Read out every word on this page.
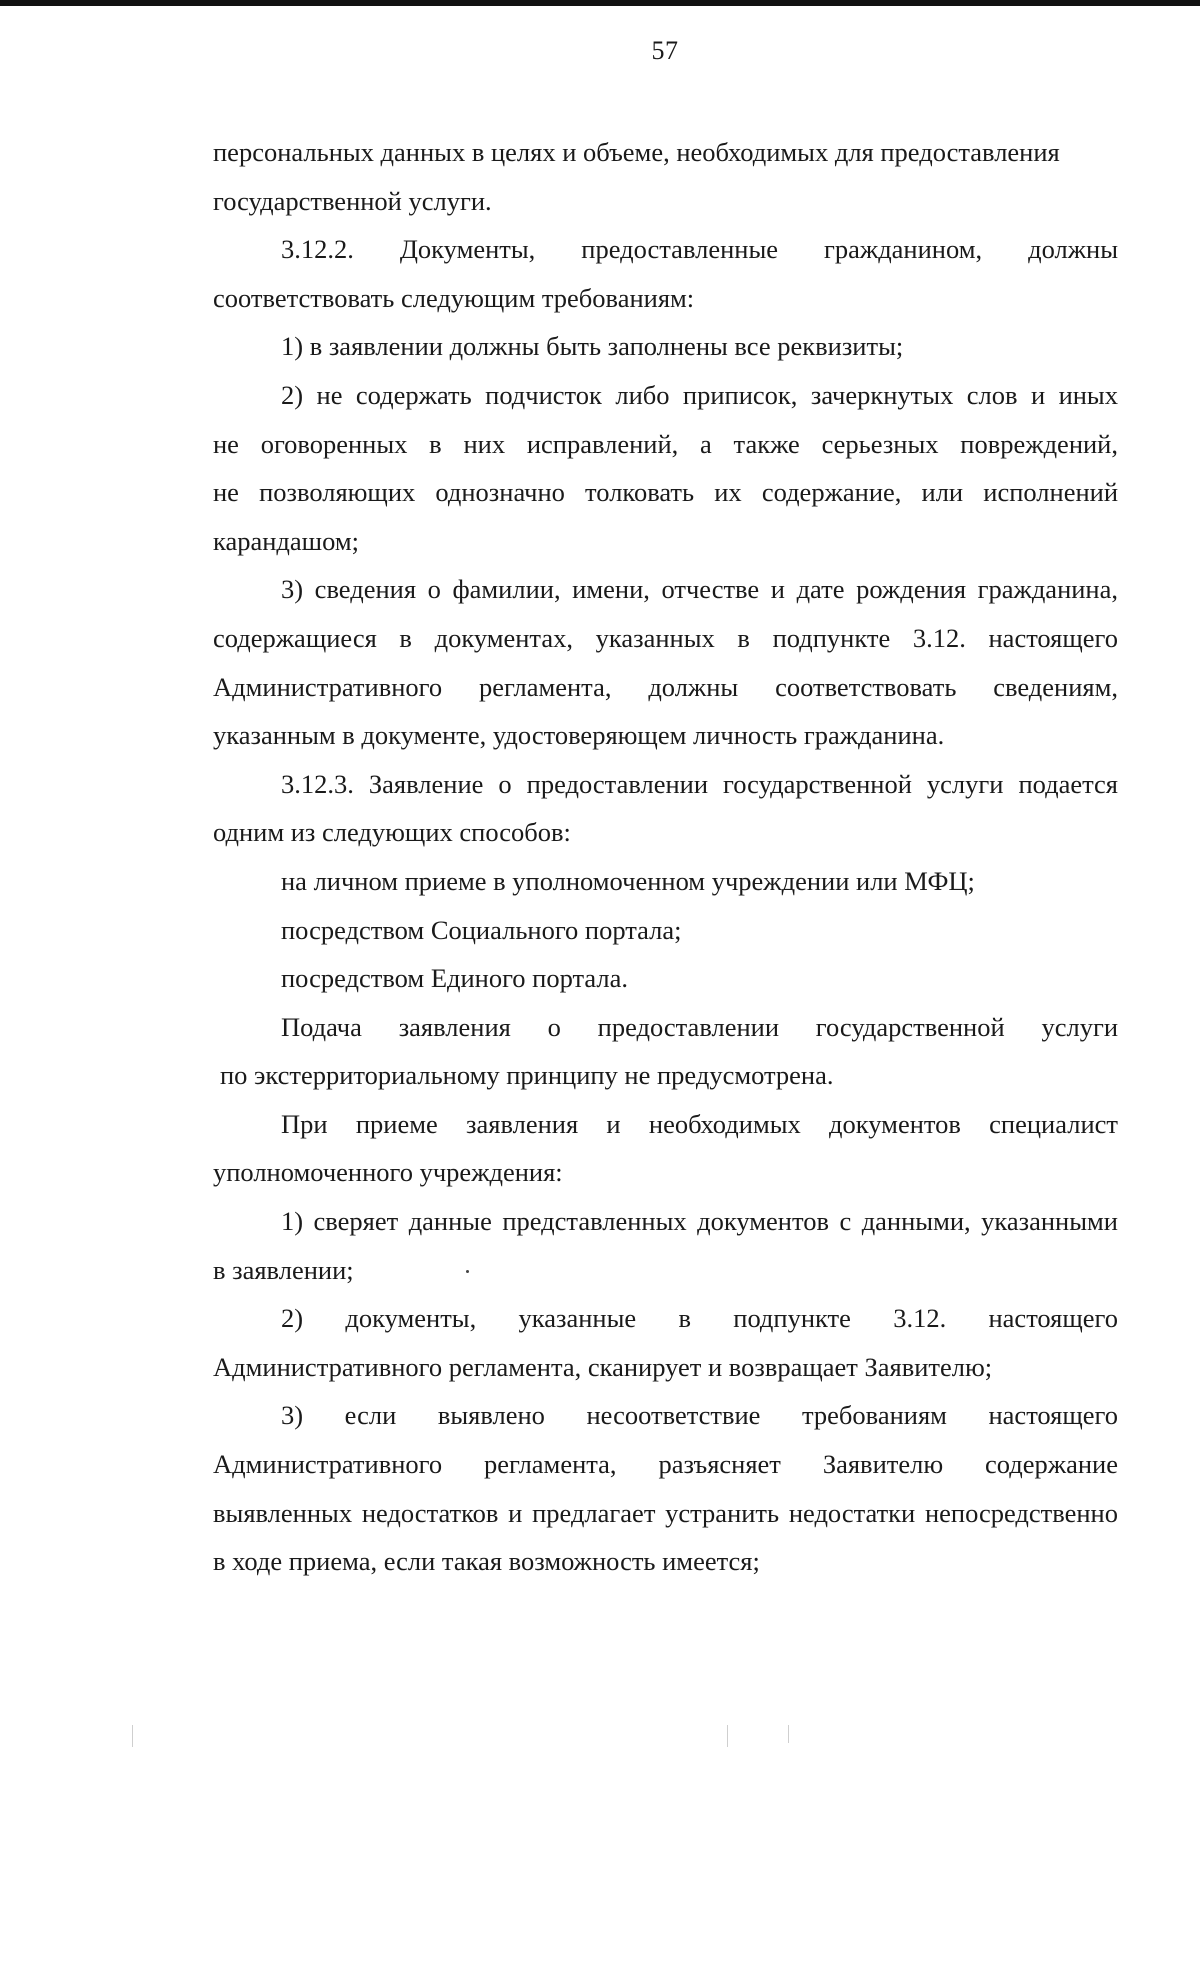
57
персональных данных в целях и объеме, необходимых для предоставления
государственной услуги.
3.12.2. Документы, предоставленные гражданином, должны
соответствовать следующим требованиям:
1) в заявлении должны быть заполнены все реквизиты;
2) не содержать подчисток либо приписок, зачеркнутых слов и иных
не оговоренных в них исправлений, а также серьезных повреждений,
не позволяющих однозначно толковать их содержание, или исполнений
карандашом;
3) сведения о фамилии, имени, отчестве и дате рождения гражданина,
содержащиеся в документах, указанных в подпункте 3.12. настоящего
Административного регламента, должны соответствовать сведениям,
указанным в документе, удостоверяющем личность гражданина.
3.12.3. Заявление о предоставлении государственной услуги подается
одним из следующих способов:
на личном приеме в уполномоченном учреждении или МФЦ;
посредством Социального портала;
посредством Единого портала.
Подача заявления о предоставлении государственной услуги
по экстерриториальному принципу не предусмотрена.
При приеме заявления и необходимых документов специалист
уполномоченного учреждения:
1) сверяет данные представленных документов с данными, указанными
в заявлении;
2) документы, указанные в подпункте 3.12. настоящего
Административного регламента, сканирует и возвращает Заявителю;
3) если выявлено несоответствие требованиям настоящего
Административного регламента, разъясняет Заявителю содержание
выявленных недостатков и предлагает устранить недостатки непосредственно
в ходе приема, если такая возможность имеется;
